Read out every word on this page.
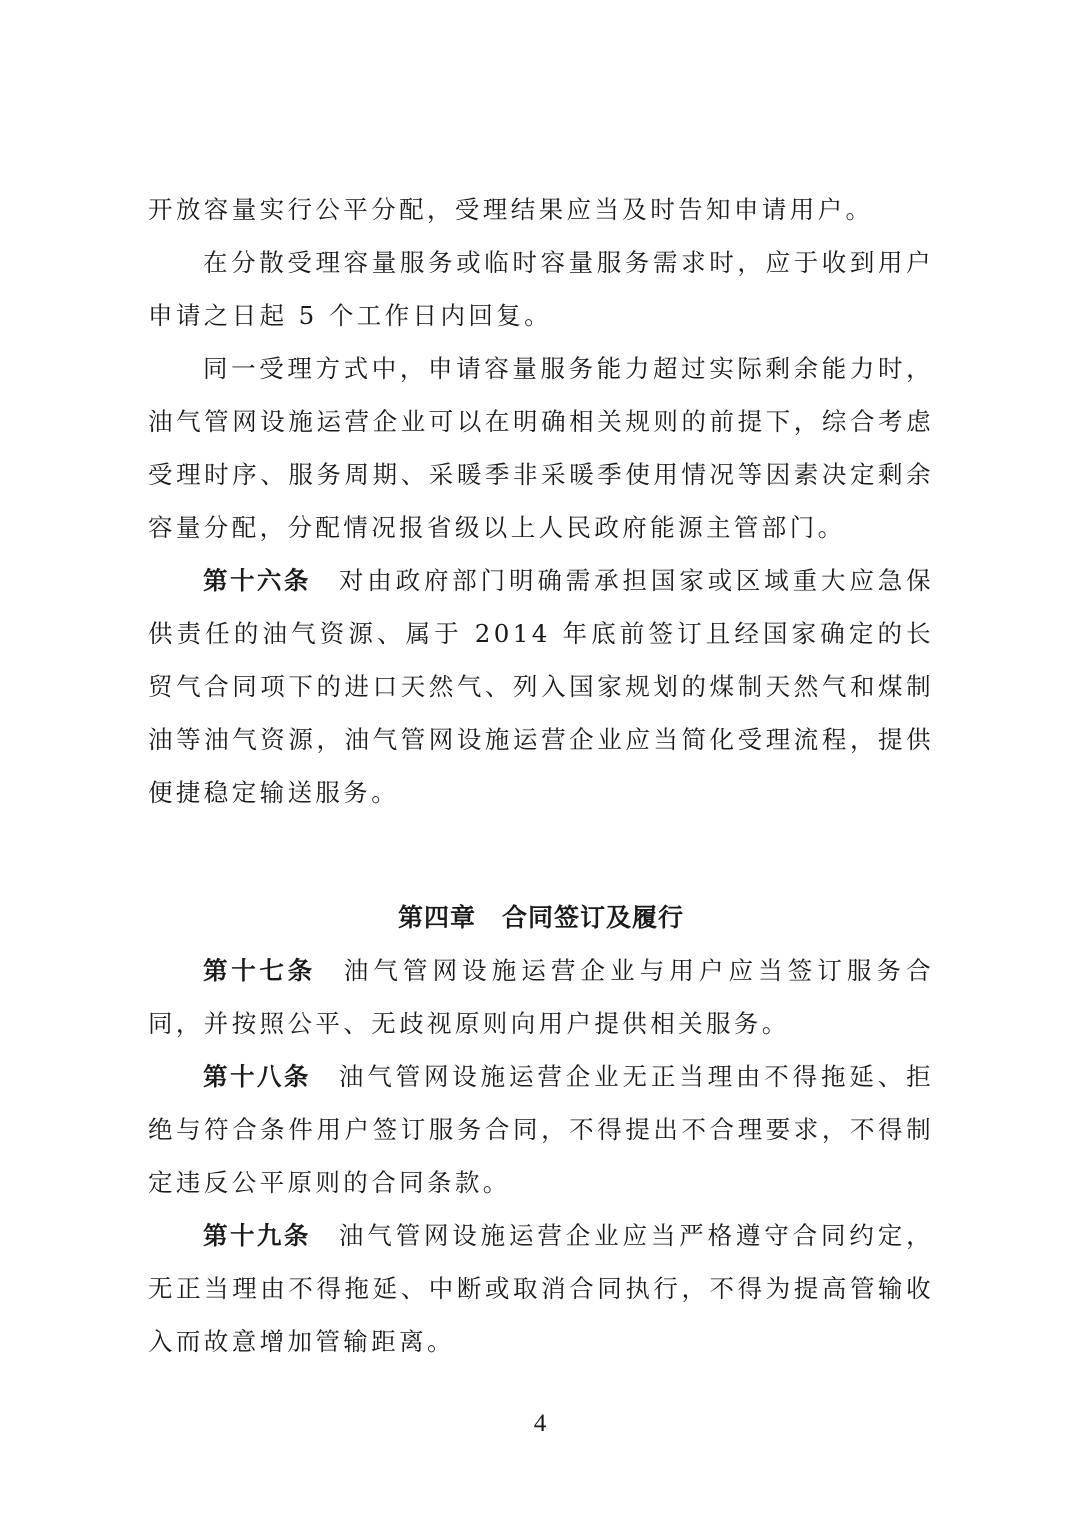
开放容量实行公平分配，受理结果应当及时告知申请用户。

在分散受理容量服务或临时容量服务需求时，应于收到用户申请之日起 5 个工作日内回复。

同一受理方式中，申请容量服务能力超过实际剩余能力时，油气管网设施运营企业可以在明确相关规则的前提下，综合考虑受理时序、服务周期、采暖季非采暖季使用情况等因素决定剩余容量分配，分配情况报省级以上人民政府能源主管部门。

第十六条 对由政府部门明确需承担国家或区域重大应急保供责任的油气资源、属于 2014 年底前签订且经国家确定的长贸气合同项下的进口天然气、列入国家规划的煤制天然气和煤制油等油气资源，油气管网设施运营企业应当简化受理流程，提供便捷稳定输送服务。

第四章 合同签订及履行

第十七条 油气管网设施运营企业与用户应当签订服务合同，并按照公平、无歧视原则向用户提供相关服务。

第十八条 油气管网设施运营企业无正当理由不得拖延、拒绝与符合条件用户签订服务合同，不得提出不合理要求，不得制定违反公平原则的合同条款。

第十九条 油气管网设施运营企业应当严格遵守合同约定，无正当理由不得拖延、中断或取消合同执行，不得为提高管输收入而故意增加管输距离。

4
